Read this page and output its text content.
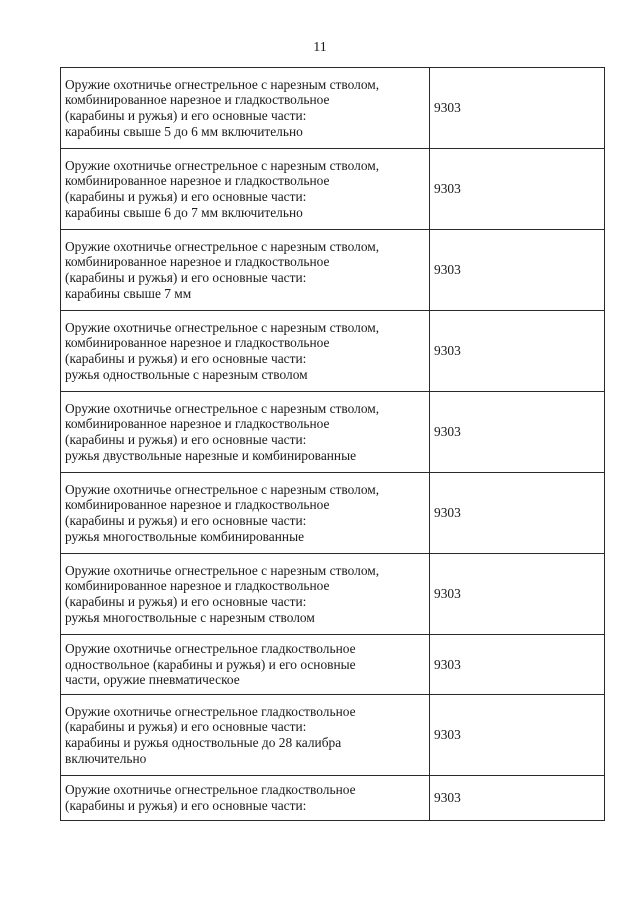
11
Оружие охотничье огнестрельное с нарезным стволом,
комбинированное нарезное и гладкоствольное
(карабины и ружья) и его основные части:
карабины свыше 5 до 6 мм включительно	9303

Оружие охотничье огнестрельное с нарезным стволом,
комбинированное нарезное и гладкоствольное
(карабины и ружья) и его основные части:
карабины свыше 6 до 7 мм включительно	9303

Оружие охотничье огнестрельное с нарезным стволом,
комбинированное нарезное и гладкоствольное
(карабины и ружья) и его основные части:
карабины свыше 7 мм	9303

Оружие охотничье огнестрельное с нарезным стволом,
комбинированное нарезное и гладкоствольное
(карабины и ружья) и его основные части:
ружья одноствольные с нарезным стволом	9303

Оружие охотничье огнестрельное с нарезным стволом,
комбинированное нарезное и гладкоствольное
(карабины и ружья) и его основные части:
ружья двуствольные нарезные и комбинированные	9303

Оружие охотничье огнестрельное с нарезным стволом,
комбинированное нарезное и гладкоствольное
(карабины и ружья) и его основные части:
ружья многоствольные комбинированные	9303

Оружие охотничье огнестрельное с нарезным стволом,
комбинированное нарезное и гладкоствольное
(карабины и ружья) и его основные части:
ружья многоствольные с нарезным стволом	9303

Оружие охотничье огнестрельное гладкоствольное
одноствольное (карабины и ружья) и его основные
части, оружие пневматическое	9303

Оружие охотничье огнестрельное гладкоствольное
(карабины и ружья) и его основные части:
карабины и ружья одноствольные до 28 калибра
включительно	9303

Оружие охотничье огнестрельное гладкоствольное
(карабины и ружья) и его основные части:	9303
